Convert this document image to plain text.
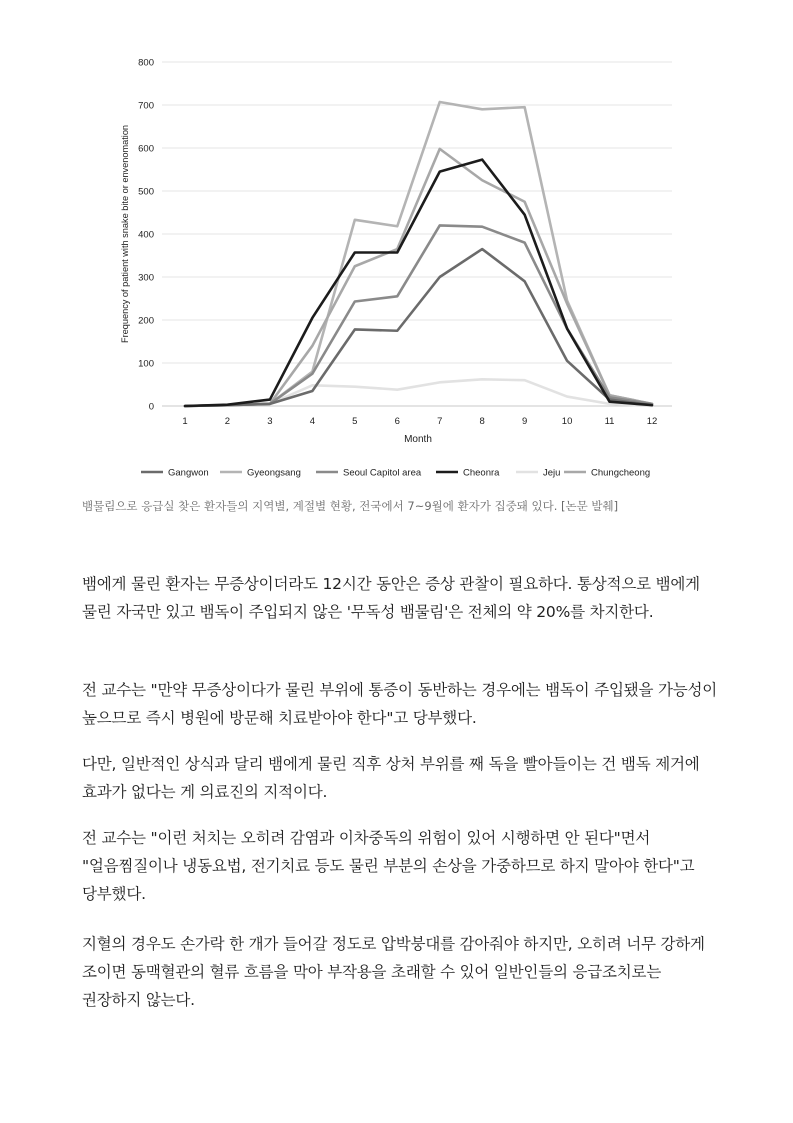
0
100
200
300
400
500
600
700
800
1	2	3	4	5	6	7	8	9	10	11	12
Month
Frequency of patient with snake bite or envenomation
Gangwon	Gyeongsang	Seoul Capitol area	Cheonra	Jeju	Chungcheong
뱀물림으로 응급실 찾은 환자들의 지역별, 계절별 현황, 전국에서 7~9월에 환자가 집중돼 있다. [논문 발췌]

뱀에게 물린 환자는 무증상이더라도 12시간 동안은 증상 관찰이 필요하다. 통상적으로 뱀에게 물린 자국만 있고 뱀독이 주입되지 않은 '무독성 뱀물림'은 전체의 약 20%를 차지한다.

전 교수는 "만약 무증상이다가 물린 부위에 통증이 동반하는 경우에는 뱀독이 주입됐을 가능성이 높으므로 즉시 병원에 방문해 치료받아야 한다"고 당부했다.

다만, 일반적인 상식과 달리 뱀에게 물린 직후 상처 부위를 째 독을 빨아들이는 건 뱀독 제거에 효과가 없다는 게 의료진의 지적이다.

전 교수는 "이런 처치는 오히려 감염과 이차중독의 위험이 있어 시행하면 안 된다"면서 "얼음찜질이나 냉동요법, 전기치료 등도 물린 부분의 손상을 가중하므로 하지 말아야 한다"고 당부했다.

지혈의 경우도 손가락 한 개가 들어갈 정도로 압박붕대를 감아줘야 하지만, 오히려 너무 강하게 조이면 동맥혈관의 혈류 흐름을 막아 부작용을 초래할 수 있어 일반인들의 응급조치로는 권장하지 않는다.
